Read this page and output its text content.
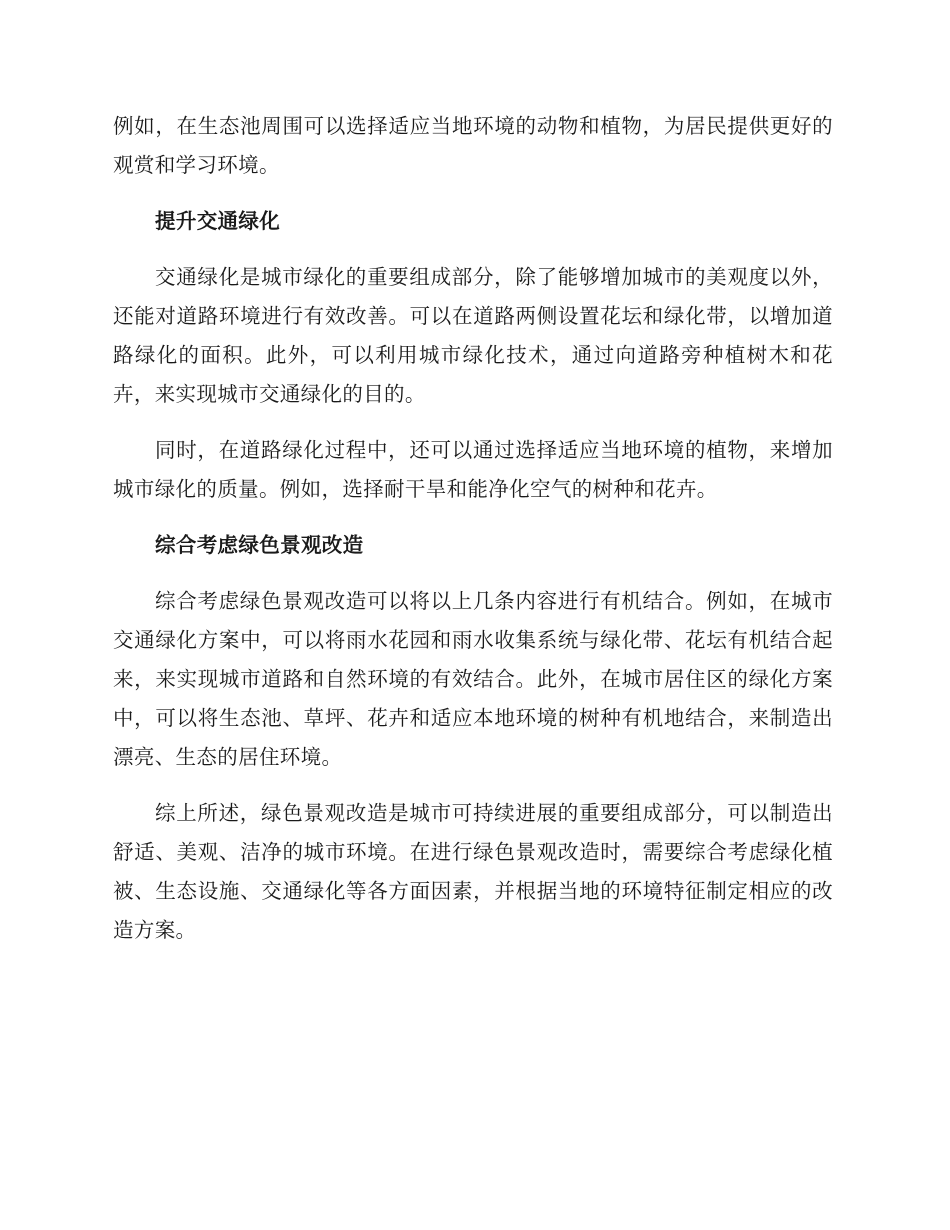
例如，在生态池周围可以选择适应当地环境的动物和植物，为居民提供更好的观赏和学习环境。

提升交通绿化

交通绿化是城市绿化的重要组成部分，除了能够增加城市的美观度以外，还能对道路环境进行有效改善。可以在道路两侧设置花坛和绿化带，以增加道路绿化的面积。此外，可以利用城市绿化技术，通过向道路旁种植树木和花卉，来实现城市交通绿化的目的。

同时，在道路绿化过程中，还可以通过选择适应当地环境的植物，来增加城市绿化的质量。例如，选择耐干旱和能净化空气的树种和花卉。

综合考虑绿色景观改造

综合考虑绿色景观改造可以将以上几条内容进行有机结合。例如，在城市交通绿化方案中，可以将雨水花园和雨水收集系统与绿化带、花坛有机结合起来，来实现城市道路和自然环境的有效结合。此外，在城市居住区的绿化方案中，可以将生态池、草坪、花卉和适应本地环境的树种有机地结合，来制造出漂亮、生态的居住环境。

综上所述，绿色景观改造是城市可持续进展的重要组成部分，可以制造出舒适、美观、洁净的城市环境。在进行绿色景观改造时，需要综合考虑绿化植被、生态设施、交通绿化等各方面因素，并根据当地的环境特征制定相应的改造方案。
